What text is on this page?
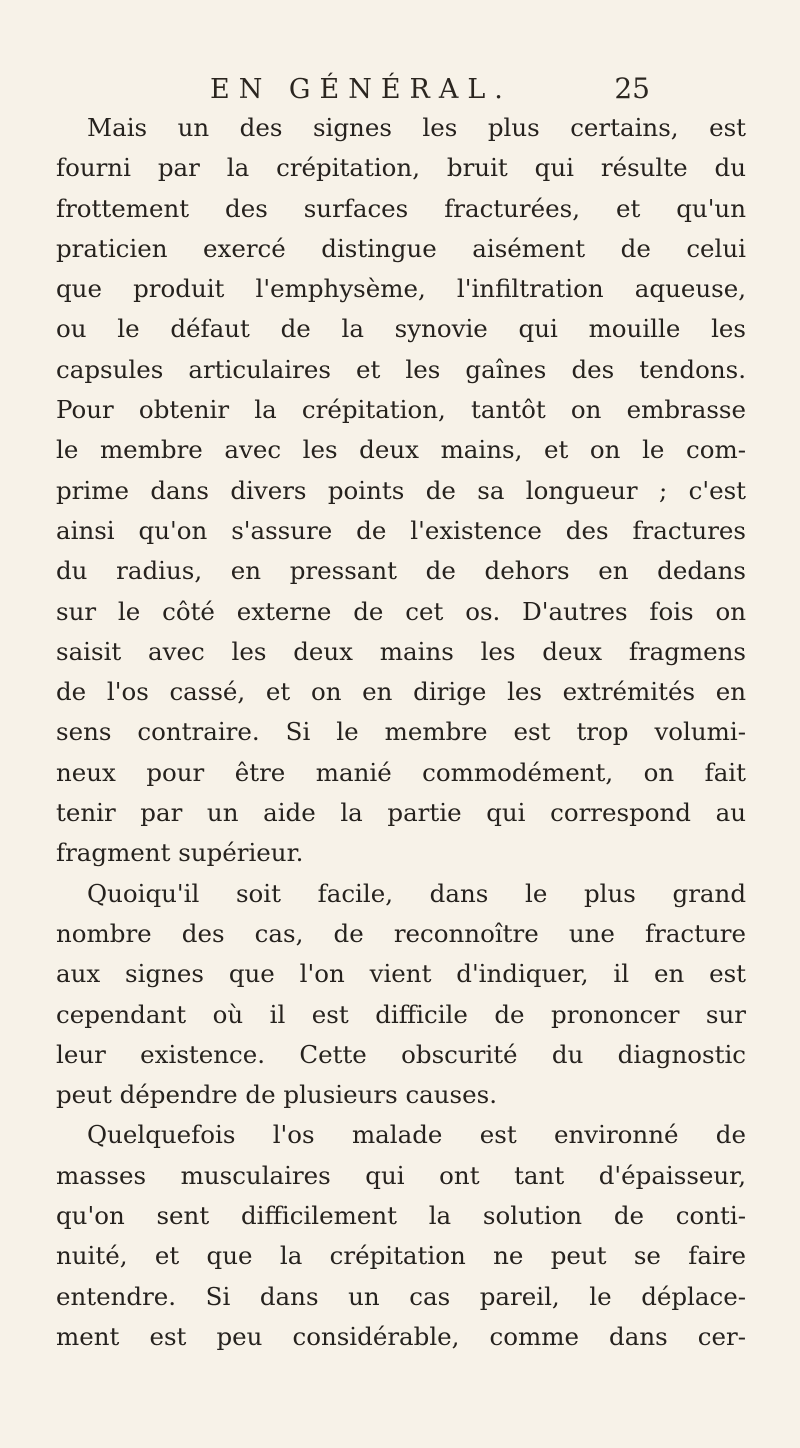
EN GÉNÉRAL.	25
Mais un des signes les plus certains, est
fourni par la crépitation, bruit qui résulte du
frottement des surfaces fracturées, et qu'un
praticien exercé distingue aisément de celui
que produit l'emphysème, l'infiltration aqueuse,
ou le défaut de la synovie qui mouille les
capsules articulaires et les gaînes des tendons.
Pour obtenir la crépitation, tantôt on embrasse
le membre avec les deux mains, et on le com-
prime dans divers points de sa longueur ; c'est
ainsi qu'on s'assure de l'existence des fractures
du radius, en pressant de dehors en dedans
sur le côté externe de cet os. D'autres fois on
saisit avec les deux mains les deux fragmens
de l'os cassé, et on en dirige les extrémités en
sens contraire. Si le membre est trop volumi-
neux pour être manié commodément, on fait
tenir par un aide la partie qui correspond au
fragment supérieur.
Quoiqu'il soit facile, dans le plus grand
nombre des cas, de reconnoître une fracture
aux signes que l'on vient d'indiquer, il en est
cependant où il est difficile de prononcer sur
leur existence. Cette obscurité du diagnostic
peut dépendre de plusieurs causes.
Quelquefois l'os malade est environné de
masses musculaires qui ont tant d'épaisseur,
qu'on sent difficilement la solution de conti-
nuité, et que la crépitation ne peut se faire
entendre. Si dans un cas pareil, le déplace-
ment est peu considérable, comme dans cer-
